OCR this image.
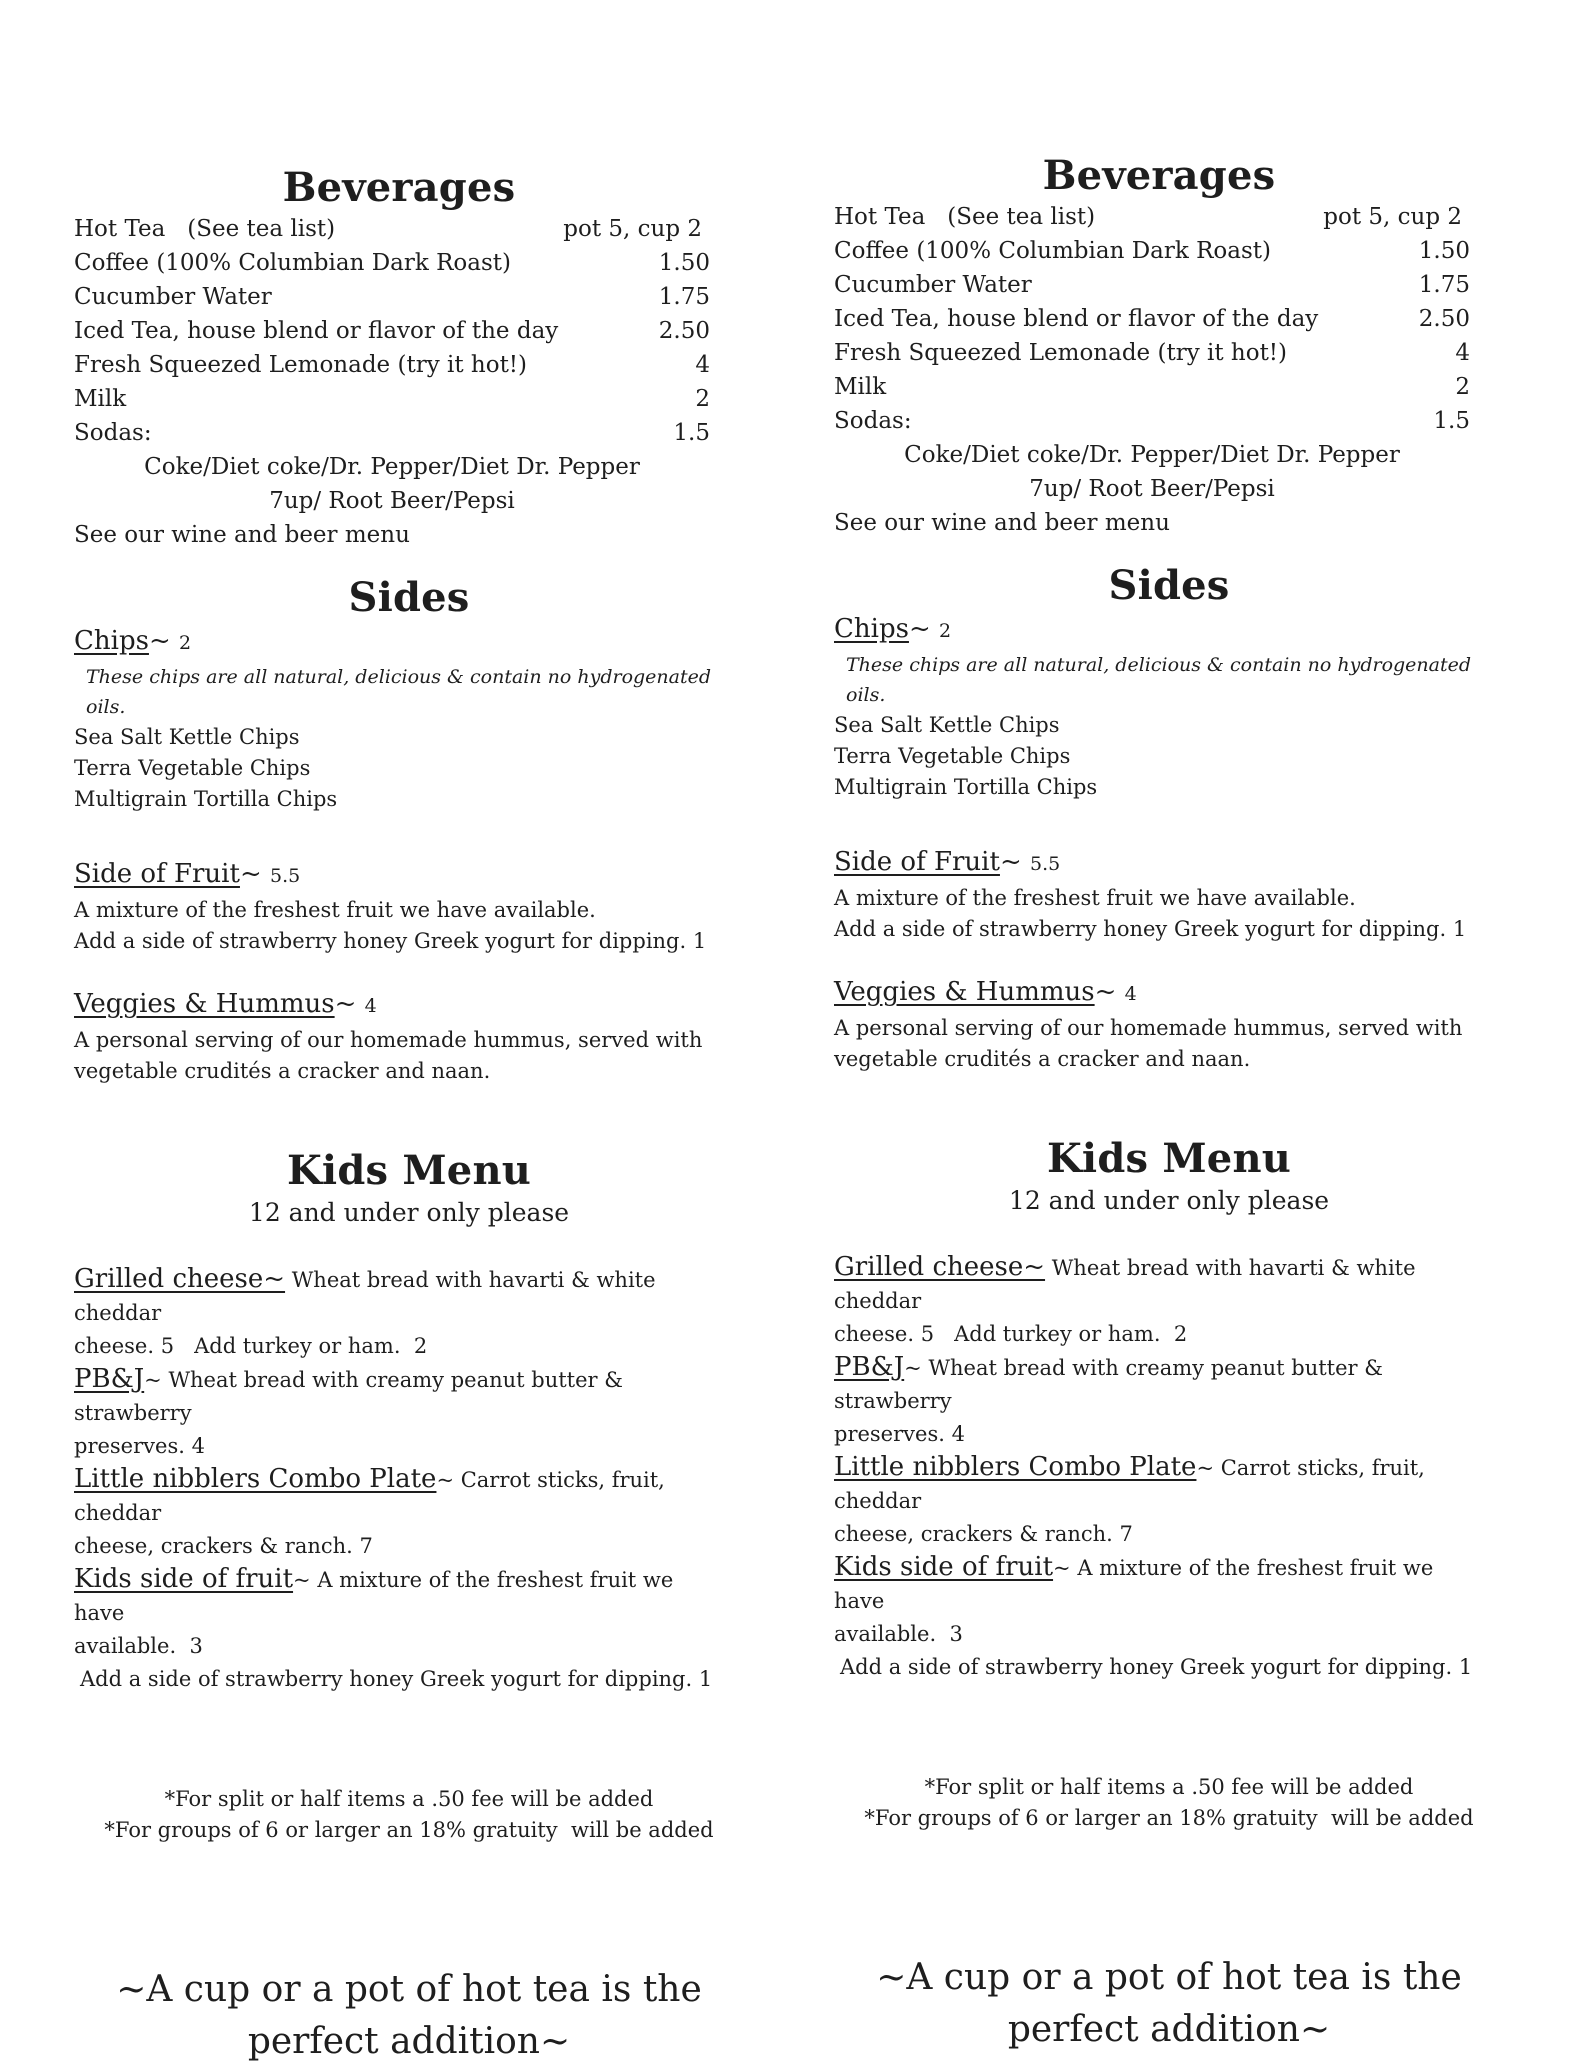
Beverages
Hot Tea   (See tea list)	pot 5, cup 2
Coffee (100% Columbian Dark Roast)	1.50
Cucumber Water	1.75
Iced Tea, house blend or flavor of the day	2.50
Fresh Squeezed Lemonade (try it hot!)	4
Milk	2
Sodas:	1.5
Coke/Diet coke/Dr. Pepper/Diet Dr. Pepper
7up/ Root Beer/Pepsi
See our wine and beer menu
Sides
Chips~ 2
These chips are all natural, delicious & contain no hydrogenated oils.
Sea Salt Kettle Chips
Terra Vegetable Chips
Multigrain Tortilla Chips
Side of Fruit~ 5.5
A mixture of the freshest fruit we have available.
Add a side of strawberry honey Greek yogurt for dipping. 1
Veggies & Hummus~ 4
A personal serving of our homemade hummus, served with
vegetable crudités a cracker and naan.
Kids Menu
12 and under only please
Grilled cheese~ Wheat bread with havarti & white cheddar
cheese. 5   Add turkey or ham.  2
PB&J~ Wheat bread with creamy peanut butter & strawberry
preserves. 4
Little nibblers Combo Plate~ Carrot sticks, fruit, cheddar
cheese, crackers & ranch. 7
Kids side of fruit~ A mixture of the freshest fruit we have
available.  3
Add a side of strawberry honey Greek yogurt for dipping. 1
*For split or half items a .50 fee will be added
*For groups of 6 or larger an 18% gratuity  will be added
~A cup or a pot of hot tea is the
perfect addition~
Beverages
Hot Tea   (See tea list)	pot 5, cup 2
Coffee (100% Columbian Dark Roast)	1.50
Cucumber Water	1.75
Iced Tea, house blend or flavor of the day	2.50
Fresh Squeezed Lemonade (try it hot!)	4
Milk	2
Sodas:	1.5
Coke/Diet coke/Dr. Pepper/Diet Dr. Pepper
7up/ Root Beer/Pepsi
See our wine and beer menu
Sides
Chips~ 2
These chips are all natural, delicious & contain no hydrogenated oils.
Sea Salt Kettle Chips
Terra Vegetable Chips
Multigrain Tortilla Chips
Side of Fruit~ 5.5
A mixture of the freshest fruit we have available.
Add a side of strawberry honey Greek yogurt for dipping. 1
Veggies & Hummus~ 4
A personal serving of our homemade hummus, served with
vegetable crudités a cracker and naan.
Kids Menu
12 and under only please
Grilled cheese~ Wheat bread with havarti & white cheddar
cheese. 5   Add turkey or ham.  2
PB&J~ Wheat bread with creamy peanut butter & strawberry
preserves. 4
Little nibblers Combo Plate~ Carrot sticks, fruit, cheddar
cheese, crackers & ranch. 7
Kids side of fruit~ A mixture of the freshest fruit we have
available.  3
Add a side of strawberry honey Greek yogurt for dipping. 1
*For split or half items a .50 fee will be added
*For groups of 6 or larger an 18% gratuity  will be added
~A cup or a pot of hot tea is the
perfect addition~
